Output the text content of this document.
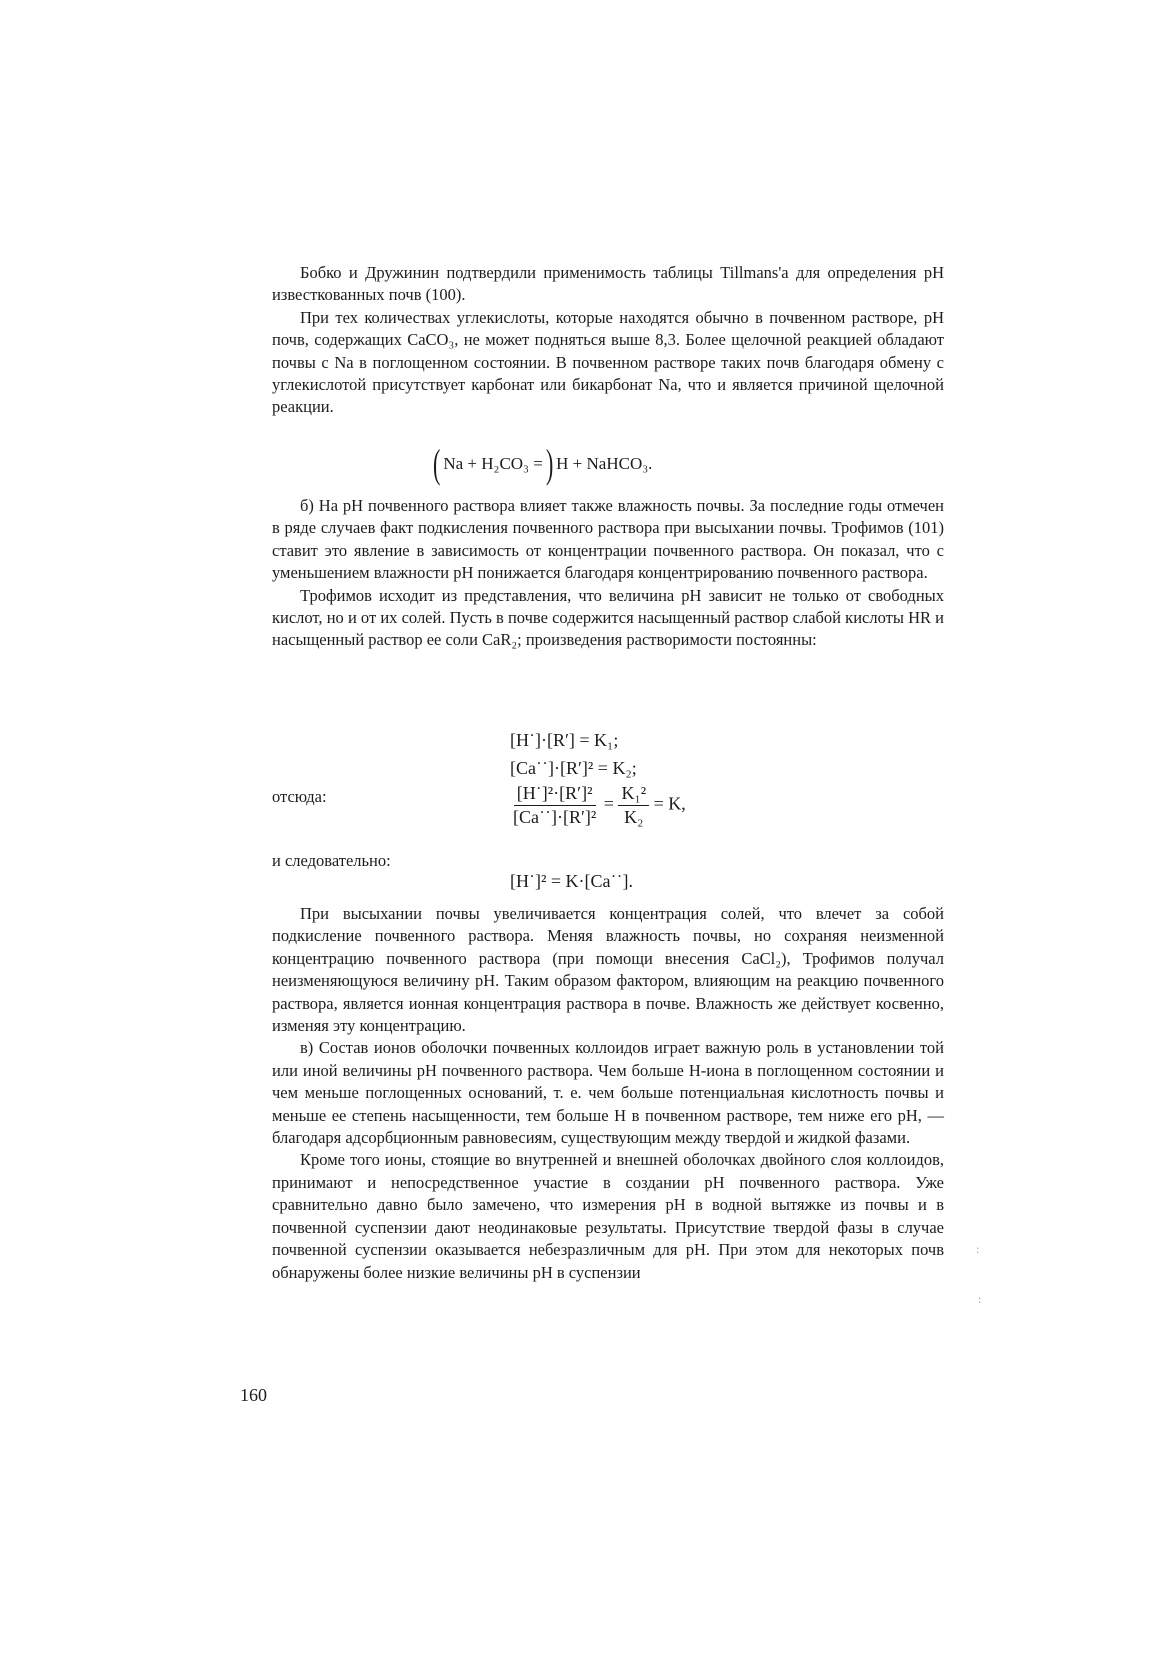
Бобко и Дружинин подтвердили применимость таблицы Tillmans'а для определения pH известкованных почв (100).

При тех количествах углекислоты, которые находятся обычно в почвенном растворе, pH почв, содержащих CaCO₃, не может подняться выше 8,3. Более щелочной реакцией обладают почвы с Na в поглощенном состоянии. В почвенном растворе таких почв благодаря обмену с углекислотой присутствует карбонат или бикарбонат Na, что и является причиной щелочной реакции.

( Na + H₂CO₃ = ) H + NaHCO₃.

б) На pH почвенного раствора влияет также влажность почвы. За последние годы отмечен в ряде случаев факт подкисления почвенного раствора при высыхании почвы. Трофимов (101) ставит это явление в зависимость от концентрации почвенного раствора. Он показал, что с уменьшением влажности pH понижается благодаря концентрированию почвенного раствора.

Трофимов исходит из представления, что величина pH зависит не только от свободных кислот, но и от их солей. Пусть в почве содержится насыщенный раствор слабой кислоты HR и насыщенный раствор ее соли CaR₂; произведения растворимости постоянны:

[H˙]·[R′] = K₁;
[Ca˙˙]·[R′]² = K₂;
отсюда:	$\frac{\text{[H˙]²·[R′]²}}{\text{[Ca˙˙]·[R′]²}} = \frac{\text{K₁²}}{\text{K₂}} = K$,
и следовательно:
[H˙]² = K·[Ca˙˙].

При высыхании почвы увеличивается концентрация солей, что влечет за собой подкисление почвенного раствора. Меняя влажность почвы, но сохраняя неизменной концентрацию почвенного раствора (при помощи внесения CaCl₂), Трофимов получал неизменяющуюся величину pH. Таким образом фактором, влияющим на реакцию почвенного раствора, является ионная концентрация раствора в почве. Влажность же действует косвенно, изменяя эту концентрацию.

в) Состав ионов оболочки почвенных коллоидов играет важную роль в установлении той или иной величины pH почвенного раствора. Чем больше H-иона в поглощенном состоянии и чем меньше поглощенных оснований, т. е. чем больше потенциальная кислотность почвы и меньше ее степень насыщенности, тем больше H в почвенном растворе, тем ниже его pH, — благодаря адсорбционным равновесиям, существующим между твердой и жидкой фазами.

Кроме того ионы, стоящие во внутренней и внешней оболочках двойного слоя коллоидов, принимают и непосредственное участие в создании pH почвенного раствора. Уже сравнительно давно было замечено, что измерения pH в водной вытяжке из почвы и в почвенной суспензии дают неодинаковые результаты. Присутствие твердой фазы в случае почвенной суспензии оказывается небезразличным для pH. При этом для некоторых почв обнаружены более низкие величины pH в суспензии

160
:
:
